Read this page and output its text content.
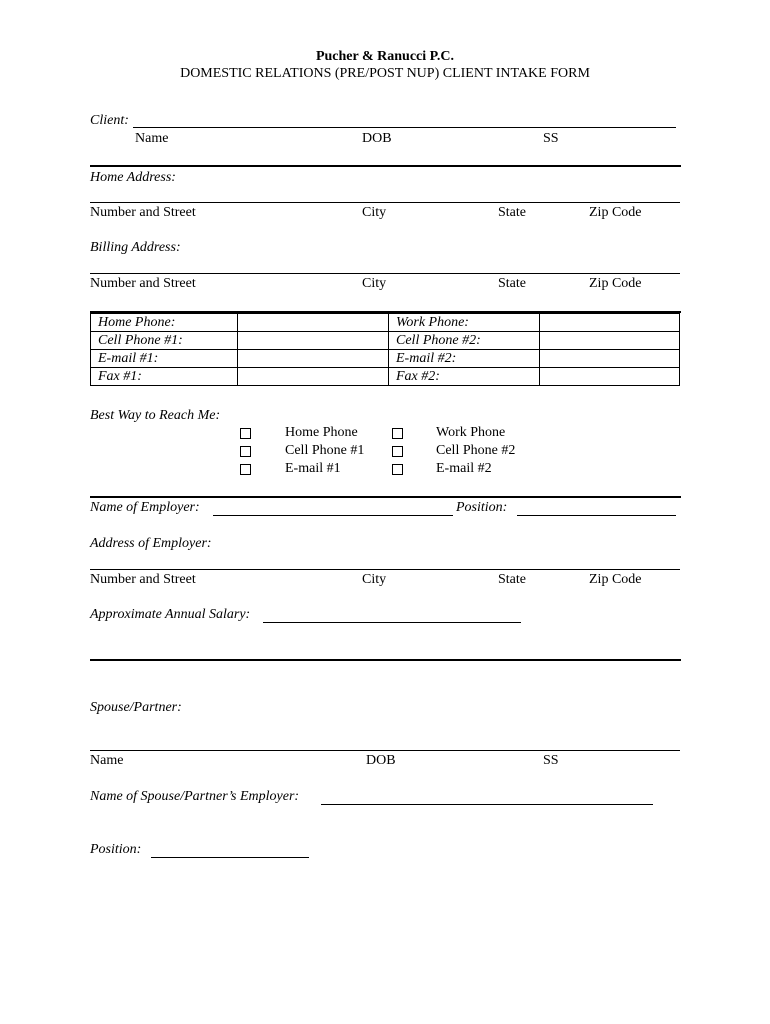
Pucher & Ranucci P.C.
DOMESTIC RELATIONS (PRE/POST NUP) CLIENT INTAKE FORM
Client:
Name	DOB	SS
Home Address:
Number and Street	City	State	Zip Code
Billing Address:
Number and Street	City	State	Zip Code
Home Phone:		Work Phone:	
Cell Phone #1:		Cell Phone #2:	
E-mail #1:		E-mail #2:	
Fax #1:		Fax #2:	
Best Way to Reach Me:
Home Phone	Work Phone
Cell Phone #1	Cell Phone #2
E-mail #1	E-mail #2
Name of Employer:	Position:
Address of Employer:
Number and Street	City	State	Zip Code
Approximate Annual Salary:
Spouse/Partner:
Name	DOB	SS
Name of Spouse/Partner’s Employer:
Position:
